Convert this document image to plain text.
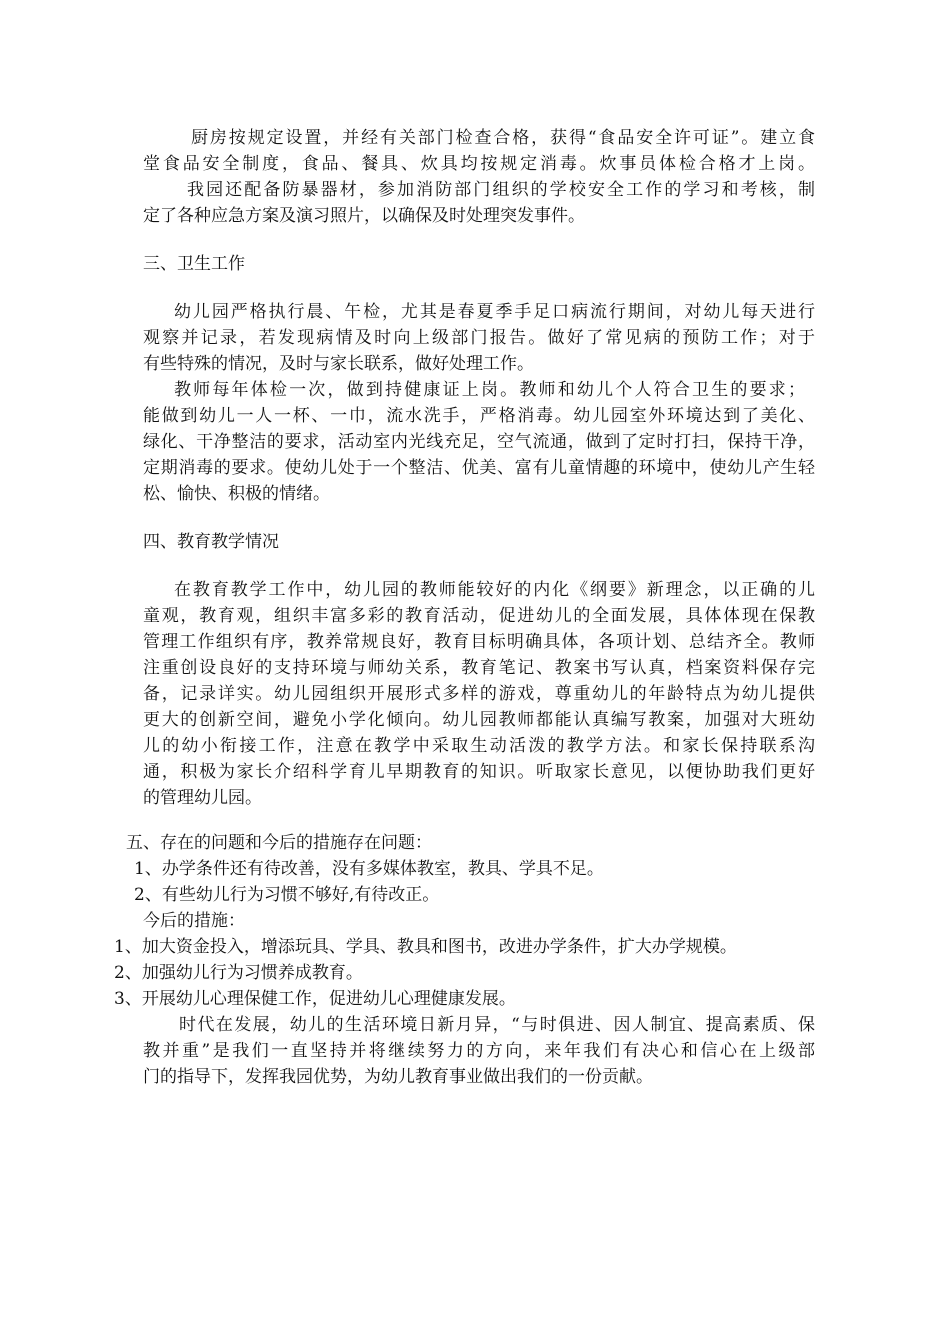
厨房按规定设置，并经有关部门检查合格，获得“食品安全许可证”。建立食
堂食品安全制度，食品、餐具、炊具均按规定消毒。炊事员体检合格才上岗。
我园还配备防暴器材，参加消防部门组织的学校安全工作的学习和考核，制
定了各种应急方案及演习照片，以确保及时处理突发事件。
三、卫生工作
幼儿园严格执行晨、午检，尤其是春夏季手足口病流行期间，对幼儿每天进行
观察并记录，若发现病情及时向上级部门报告。做好了常见病的预防工作；对于
有些特殊的情况，及时与家长联系，做好处理工作。
教师每年体检一次，做到持健康证上岗。教师和幼儿个人符合卫生的要求；
能做到幼儿一人一杯、一巾，流水洗手，严格消毒。幼儿园室外环境达到了美化、
绿化、干净整洁的要求，活动室内光线充足，空气流通，做到了定时打扫，保持干净，
定期消毒的要求。使幼儿处于一个整洁、优美、富有儿童情趣的环境中，使幼儿产生轻
松、愉快、积极的情绪。
四、教育教学情况
在教育教学工作中，幼儿园的教师能较好的内化《纲要》新理念，以正确的儿
童观，教育观，组织丰富多彩的教育活动，促进幼儿的全面发展，具体体现在保教
管理工作组织有序，教养常规良好，教育目标明确具体，各项计划、总结齐全。教师
注重创设良好的支持环境与师幼关系，教育笔记、教案书写认真，档案资料保存完
备，记录详实。幼儿园组织开展形式多样的游戏，尊重幼儿的年龄特点为幼儿提供
更大的创新空间，避免小学化倾向。幼儿园教师都能认真编写教案，加强对大班幼
儿的幼小衔接工作，注意在教学中采取生动活泼的教学方法。和家长保持联系沟
通，积极为家长介绍科学育儿早期教育的知识。听取家长意见，以便协助我们更好
的管理幼儿园。
五、存在的问题和今后的措施存在问题：
1、办学条件还有待改善，没有多媒体教室，教具、学具不足。
2、有些幼儿行为习惯不够好,有待改正。
今后的措施：
1、加大资金投入，增添玩具、学具、教具和图书，改进办学条件，扩大办学规模。
2、加强幼儿行为习惯养成教育。
3、开展幼儿心理保健工作，促进幼儿心理健康发展。
时代在发展，幼儿的生活环境日新月异，“与时俱进、因人制宜、提高素质、保
教并重”是我们一直坚持并将继续努力的方向，来年我们有决心和信心在上级部
门的指导下，发挥我园优势，为幼儿教育事业做出我们的一份贡献。
